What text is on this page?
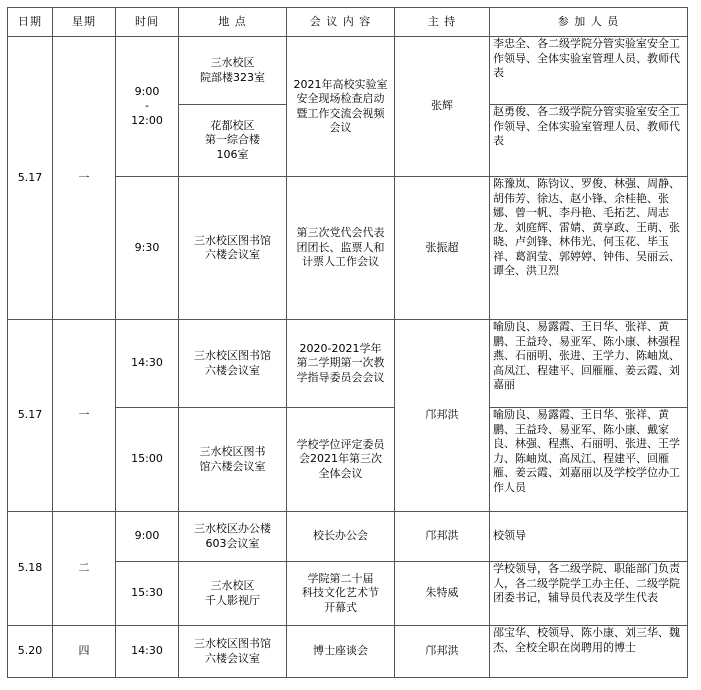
日期	星期	时间	地 点	会 议 内 容	主 持	参 加 人 员
5.17	一	9:00
-
12:00	三水校区
院部楼323室	2021年高校实验室
安全现场检查启动
暨工作交流会视频
会议	张辉	李忠全、各二级学院分管实验室安全工作领导、全体实验室管理人员、教师代表

			花都校区
第一综合楼
106室			赵勇俊、各二级学院分管实验室安全工作领导、全体实验室管理人员、教师代表
		9:30	三水校区图书馆
六楼会议室	第三次党代会代表
团团长、监票人和
计票人工作会议	张振超	陈豫岚、陈钧议、罗俊、林强、周静、胡伟芳、徐达、赵小锋、余桂艳、张娜、曾一帆、李丹艳、毛拓艺、周志龙、刘庭辉、雷婧、黄享政、王萌、张晓、卢剑锋、林伟光、何玉花、毕玉祥、葛润莹、郭婷婷、钟伟、吴丽云、谭全、洪卫烈
5.17	一	14:30	三水校区图书馆
六楼会议室	2020-2021学年
第二学期第一次教
学指导委员会会议	邝邦洪	喻励良、易露霞、王日华、张祥、黄鹏、王益玲、易亚军、陈小康、林强程燕、石丽明、张进、王学力、陈岫岚、高凤江、程建平、回雁雁、姜云霞、刘嘉丽
		15:00	三水校区图书
馆六楼会议室	学校学位评定委员
会2021年第三次
全体会议		喻励良、易露霞、王日华、张祥、黄鹏、王益玲、易亚军、陈小康、戴家良、林强、程燕、石丽明、张进、王学力、陈岫岚、高凤江、程建平、回雁雁、姜云霞、刘嘉丽以及学校学位办工作人员
5.18	二	9:00	三水校区办公楼
603会议室	校长办公会	邝邦洪	校领导
		15:30	三水校区
千人影视厅	学院第二十届
科技文化艺术节
开幕式	朱特威	学校领导，各二级学院、职能部门负责人，各二级学院学工办主任、二级学院团委书记，辅导员代表及学生代表
5.20	四	14:30	三水校区图书馆
六楼会议室	博士座谈会	邝邦洪	邵宝华、校领导、陈小康、刘三华、魏杰、全校全职在岗聘用的博士
